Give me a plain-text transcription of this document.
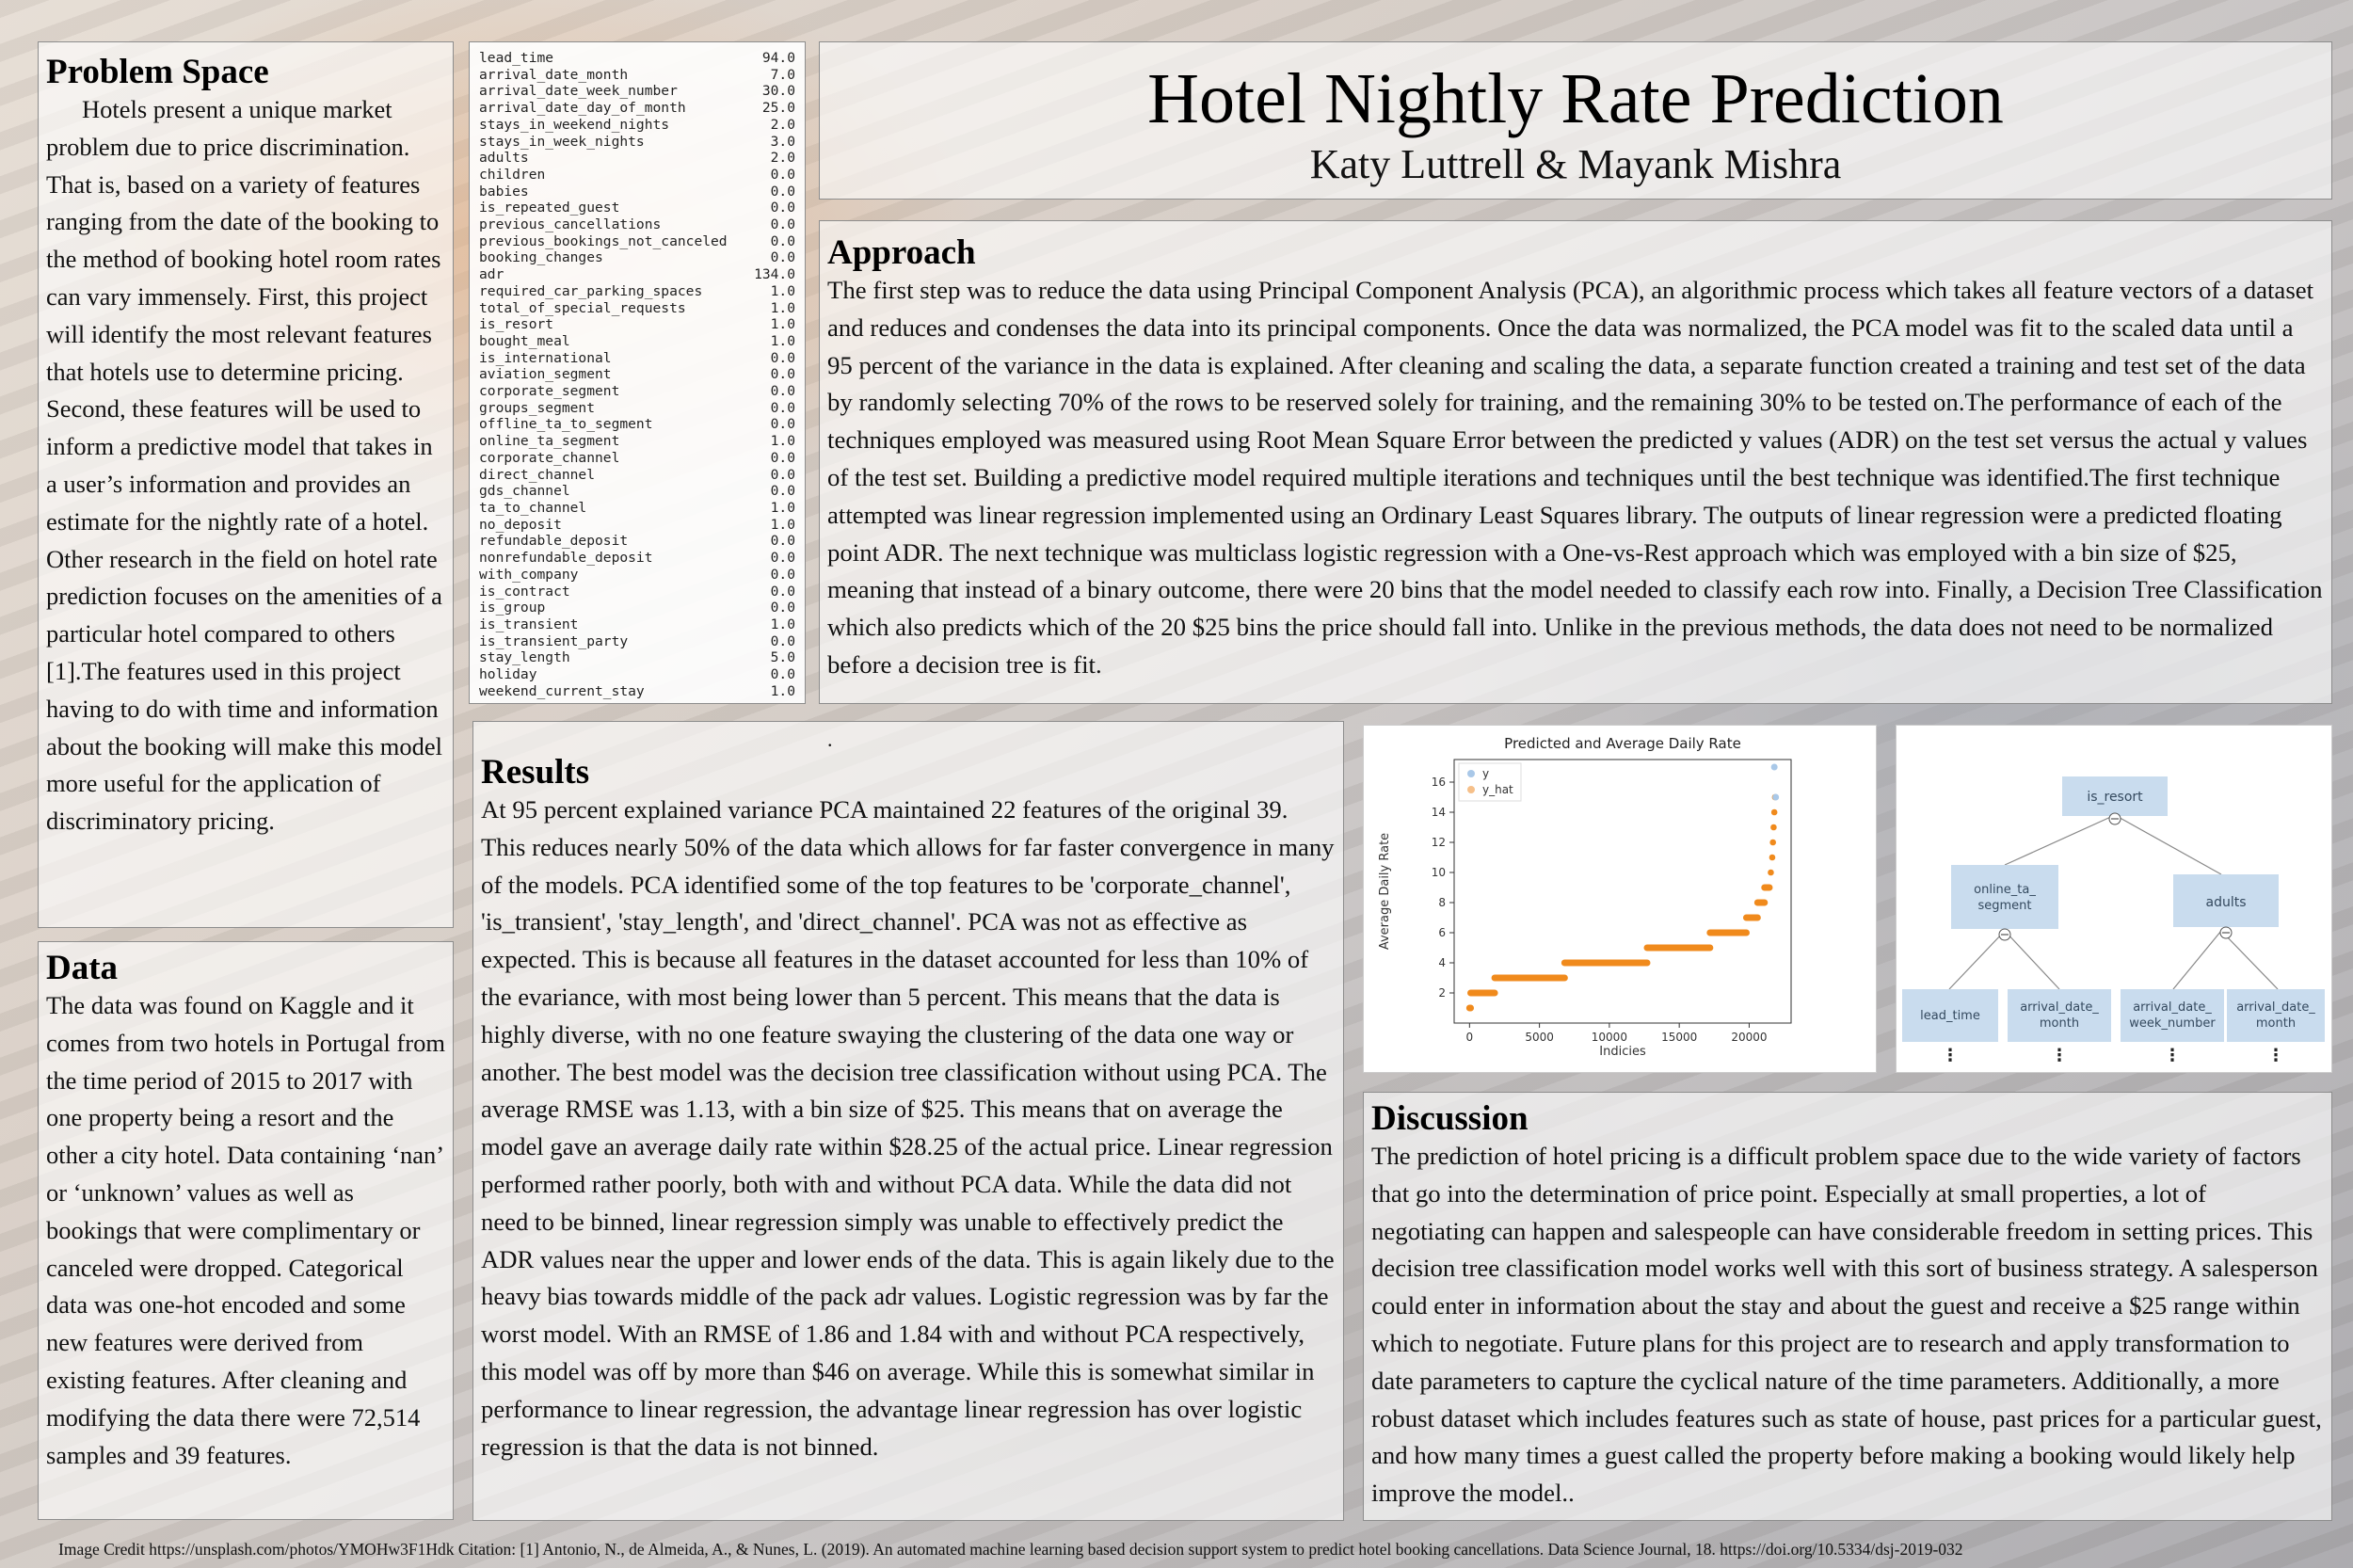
Problem Space
Hotels present a unique market problem due to price discrimination. That is, based on a variety of features ranging from the date of the booking to the method of booking hotel room rates can vary immensely. First, this project will identify the most relevant features that hotels use to determine pricing. Second, these features will be used to inform a predictive model that takes in a user’s information and provides an estimate for the nightly rate of a hotel. Other research in the field on hotel rate prediction focuses on the amenities of a particular hotel compared to others [1].The features used in this project having to do with time and information about the booking will make this model more useful for the application of discriminatory pricing.
Data
The data was found on Kaggle and it comes from two hotels in Portugal from the time period of 2015 to 2017 with one property being a resort and the other a city hotel. Data containing ‘nan’ or ‘unknown’ values as well as bookings that were complimentary or canceled were dropped. Categorical data was one-hot encoded and some new features were derived from existing features. After cleaning and modifying the data there were 72,514 samples and 39 features.
lead_time	94.0
arrival_date_month	7.0
arrival_date_week_number	30.0
arrival_date_day_of_month	25.0
stays_in_weekend_nights	2.0
stays_in_week_nights	3.0
adults	2.0
children	0.0
babies	0.0
is_repeated_guest	0.0
previous_cancellations	0.0
previous_bookings_not_canceled	0.0
booking_changes	0.0
adr	134.0
required_car_parking_spaces	1.0
total_of_special_requests	1.0
is_resort	1.0
bought_meal	1.0
is_international	0.0
aviation_segment	0.0
corporate_segment	0.0
groups_segment	0.0
offline_ta_to_segment	0.0
online_ta_segment	1.0
corporate_channel	0.0
direct_channel	0.0
gds_channel	0.0
ta_to_channel	1.0
no_deposit	1.0
refundable_deposit	0.0
nonrefundable_deposit	0.0
with_company	0.0
is_contract	0.0
is_group	0.0
is_transient	1.0
is_transient_party	0.0
stay_length	5.0
holiday	0.0
weekend_current_stay	1.0
Hotel Nightly Rate Prediction
Katy Luttrell & Mayank Mishra
Approach
The first step was to reduce the data using Principal Component Analysis (PCA), an algorithmic process which takes all feature vectors of a dataset and reduces and condenses the data into its principal components. Once the data was normalized, the PCA model was fit to the scaled data until a 95 percent of the variance in the data is explained. After cleaning and scaling the data, a separate function created a training and test set of the data by randomly selecting 70% of the rows to be reserved solely for training, and the remaining 30% to be tested on.The performance of each of the techniques employed was measured using Root Mean Square Error between the predicted y values (ADR) on the test set versus the actual y values of the test set. Building a predictive model required multiple iterations and techniques until the best technique was identified.The first technique attempted was linear regression implemented using an Ordinary Least Squares library. The outputs of linear regression were a predicted floating point ADR. The next technique was multiclass logistic regression with a One-vs-Rest approach which was employed with a bin size of $25, meaning that instead of a binary outcome, there were 20 bins that the model needed to classify each row into. Finally, a Decision Tree Classification which also predicts which of the 20 $25 bins the price should fall into. Unlike in the previous methods, the data does not need to be normalized before a decision tree is fit.
.
Results
At 95 percent explained variance PCA maintained 22 features of the original 39. This reduces nearly 50% of the data which allows for far faster convergence in many of the models. PCA identified some of the top features to be 'corporate_channel', 'is_transient', 'stay_length', and 'direct_channel'. PCA was not as effective as expected. This is because all features in the dataset accounted for less than 10% of the evariance, with most being lower than 5 percent. This means that the data is highly diverse, with no one feature swaying the clustering of the data one way or another. The best model was the decision tree classification without using PCA. The average RMSE was 1.13, with a bin size of $25. This means that on average the model gave an average daily rate within $28.25 of the actual price. Linear regression performed rather poorly, both with and without PCA data. While the data did not need to be binned, linear regression simply was unable to effectively predict the ADR values near the upper and lower ends of the data. This is again likely due to the heavy bias towards middle of the pack adr values. Logistic regression was by far the worst model. With an RMSE of 1.86 and 1.84 with and without PCA respectively, this model was off by more than $46 on average. While this is somewhat similar in performance to linear regression, the advantage linear regression has over logistic regression is that the data is not binned.
Predicted and Average Daily Rate
0	5000	10000	15000	20000
2
4
6
8
10
12
14
16
y
y_hat
Indicies
Average Daily Rate
is_resort
online_ta_ segment	adults
lead_time
⋮
arrival_date_ month
⋮
arrival_date_ week_number
⋮
arrival_date_ month
⋮
Discussion
The prediction of hotel pricing is a difficult problem space due to the wide variety of factors that go into the determination of price point. Especially at small properties, a lot of negotiating can happen and salespeople can have considerable freedom in setting prices. This decision tree classification model works well with this sort of business strategy. A salesperson could enter in information about the stay and about the guest and receive a $25 range within which to negotiate. Future plans for this project are to research and apply transformation to date parameters to capture the cyclical nature of the time parameters. Additionally, a more robust dataset which includes features such as state of house, past prices for a particular guest, and how many times a guest called the property before making a booking would likely help improve the model..
Image Credit https://unsplash.com/photos/YMOHw3F1Hdk Citation: [1] Antonio, N., de Almeida, A., & Nunes, L. (2019). An automated machine learning based decision support system to predict hotel booking cancellations. Data Science Journal, 18. https://doi.org/10.5334/dsj-2019-032
